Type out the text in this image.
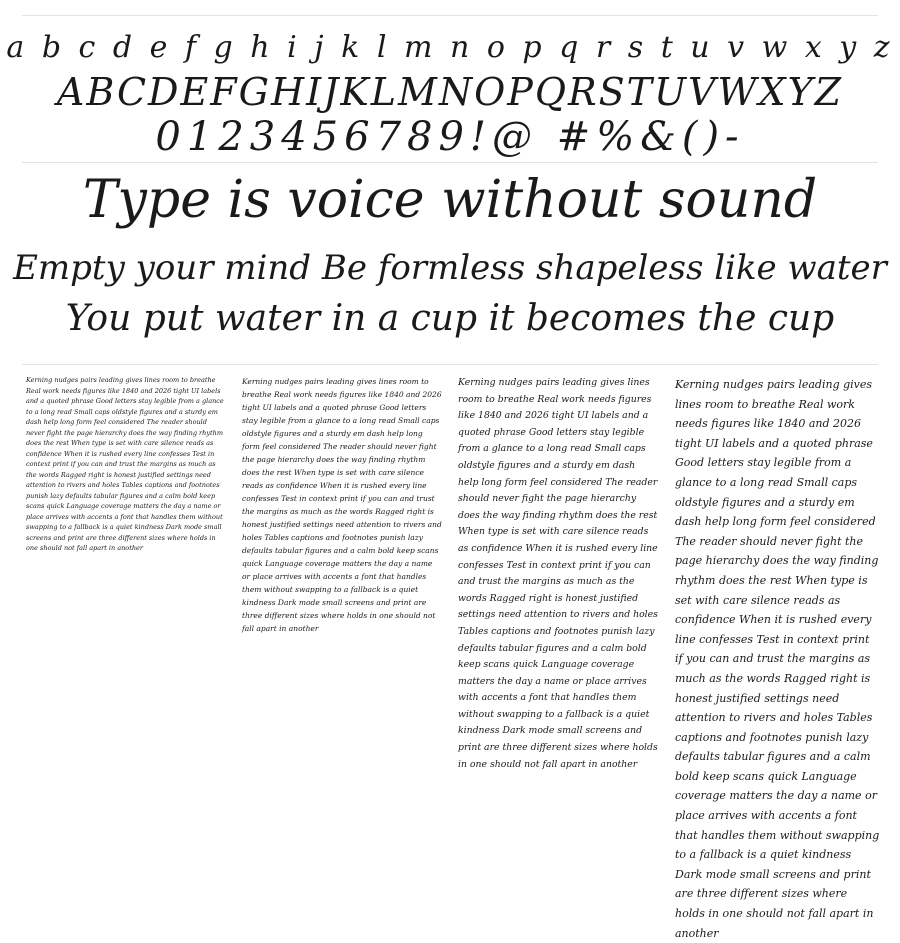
a b c d e f g h i j k l m n o p q r s t u v w x y z
ABCDEFGHIJKLMNOPQRSTUVWXYZ
0123456789!@ #%&()-
Type is voice without sound
Empty your mind Be formless shapeless like water
You put water in a cup it becomes the cup
Kerning nudges pairs leading gives lines room to breathe Real work needs figures like 1840 and 2026 tight UI labels and a quoted phrase Good letters stay legible from a glance to a long read Small caps oldstyle figures and a sturdy em dash help long form feel considered The reader should never fight the page hierarchy does the way finding rhythm does the rest When type is set with care silence reads as confidence When it is rushed every line confesses Test in context print if you can and trust the margins as much as the words Ragged right is honest justified settings need attention to rivers and holes Tables captions and footnotes punish lazy defaults tabular figures and a calm bold keep scans quick Language coverage matters the day a name or place arrives with accents a font that handles them without swapping to a fallback is a quiet kindness Dark mode small screens and print are three different sizes where holds in one should not fall apart in another
Kerning nudges pairs leading gives lines room to breathe Real work needs figures like 1840 and 2026 tight UI labels and a quoted phrase Good letters stay legible from a glance to a long read Small caps oldstyle figures and a sturdy em dash help long form feel considered The reader should never fight the page hierarchy does the way finding rhythm does the rest When type is set with care silence reads as confidence When it is rushed every line confesses Test in context print if you can and trust the margins as much as the words Ragged right is honest justified settings need attention to rivers and holes Tables captions and footnotes punish lazy defaults tabular figures and a calm bold keep scans quick Language coverage matters the day a name or place arrives with accents a font that handles them without swapping to a fallback is a quiet kindness Dark mode small screens and print are three different sizes where holds in one should not fall apart in another
Kerning nudges pairs leading gives lines room to breathe Real work needs figures like 1840 and 2026 tight UI labels and a quoted phrase Good letters stay legible from a glance to a long read Small caps oldstyle figures and a sturdy em dash help long form feel considered The reader should never fight the page hierarchy does the way finding rhythm does the rest When type is set with care silence reads as confidence When it is rushed every line confesses Test in context print if you can and trust the margins as much as the words Ragged right is honest justified settings need attention to rivers and holes Tables captions and footnotes punish lazy defaults tabular figures and a calm bold keep scans quick Language coverage matters the day a name or place arrives with accents a font that handles them without swapping to a fallback is a quiet kindness Dark mode small screens and print are three different sizes where holds in one should not fall apart in another
Kerning nudges pairs leading gives lines room to breathe Real work needs figures like 1840 and 2026 tight UI labels and a quoted phrase Good letters stay legible from a glance to a long read Small caps oldstyle figures and a sturdy em dash help long form feel considered The reader should never fight the page hierarchy does the way finding rhythm does the rest When type is set with care silence reads as confidence When it is rushed every line confesses Test in context print if you can and trust the margins as much as the words Ragged right is honest justified settings need attention to rivers and holes Tables captions and footnotes punish lazy defaults tabular figures and a calm bold keep scans quick Language coverage matters the day a name or place arrives with accents a font that handles them without swapping to a fallback is a quiet kindness Dark mode small screens and print are three different sizes where holds in one should not fall apart in another
